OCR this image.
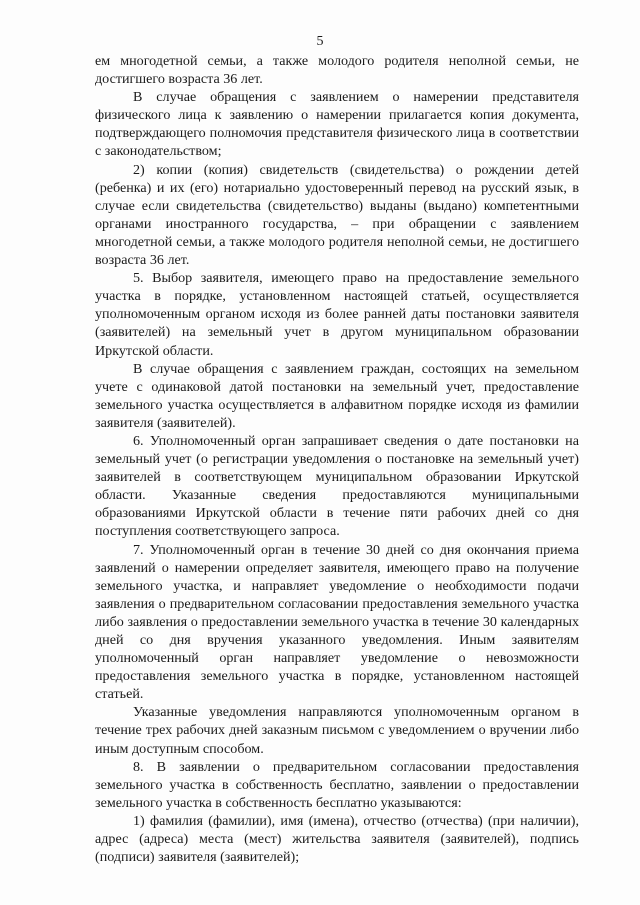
5

ем многодетной семьи, а также молодого родителя неполной семьи, не достигшего возраста 36 лет.

В случае обращения с заявлением о намерении представителя физического лица к заявлению о намерении прилагается копия документа, подтверждающего полномочия представителя физического лица в соответствии с законодательством;

2) копии (копия) свидетельств (свидетельства) о рождении детей (ребенка) и их (его) нотариально удостоверенный перевод на русский язык, в случае если свидетельства (свидетельство) выданы (выдано) компетентными органами иностранного государства, – при обращении с заявлением многодетной семьи, а также молодого родителя неполной семьи, не достигшего возраста 36 лет.

5. Выбор заявителя, имеющего право на предоставление земельного участка в порядке, установленном настоящей статьей, осуществляется уполномоченным органом исходя из более ранней даты постановки заявителя (заявителей) на земельный учет в другом муниципальном образовании Иркутской области.

В случае обращения с заявлением граждан, состоящих на земельном учете с одинаковой датой постановки на земельный учет, предоставление земельного участка осуществляется в алфавитном порядке исходя из фамилии заявителя (заявителей).

6. Уполномоченный орган запрашивает сведения о дате постановки на земельный учет (о регистрации уведомления о постановке на земельный учет) заявителей в соответствующем муниципальном образовании Иркутской области. Указанные сведения предоставляются муниципальными образованиями Иркутской области в течение пяти рабочих дней со дня поступления соответствующего запроса.

7. Уполномоченный орган в течение 30 дней со дня окончания приема заявлений о намерении определяет заявителя, имеющего право на получение земельного участка, и направляет уведомление о необходимости подачи заявления о предварительном согласовании предоставления земельного участка либо заявления о предоставлении земельного участка в течение 30 календарных дней со дня вручения указанного уведомления. Иным заявителям уполномоченный орган направляет уведомление о невозможности предоставления земельного участка в порядке, установленном настоящей статьей.

Указанные уведомления направляются уполномоченным органом в течение трех рабочих дней заказным письмом с уведомлением о вручении либо иным доступным способом.

8. В заявлении о предварительном согласовании предоставления земельного участка в собственность бесплатно, заявлении о предоставлении земельного участка в собственность бесплатно указываются:

1) фамилия (фамилии), имя (имена), отчество (отчества) (при наличии), адрес (адреса) места (мест) жительства заявителя (заявителей), подпись (подписи) заявителя (заявителей);
